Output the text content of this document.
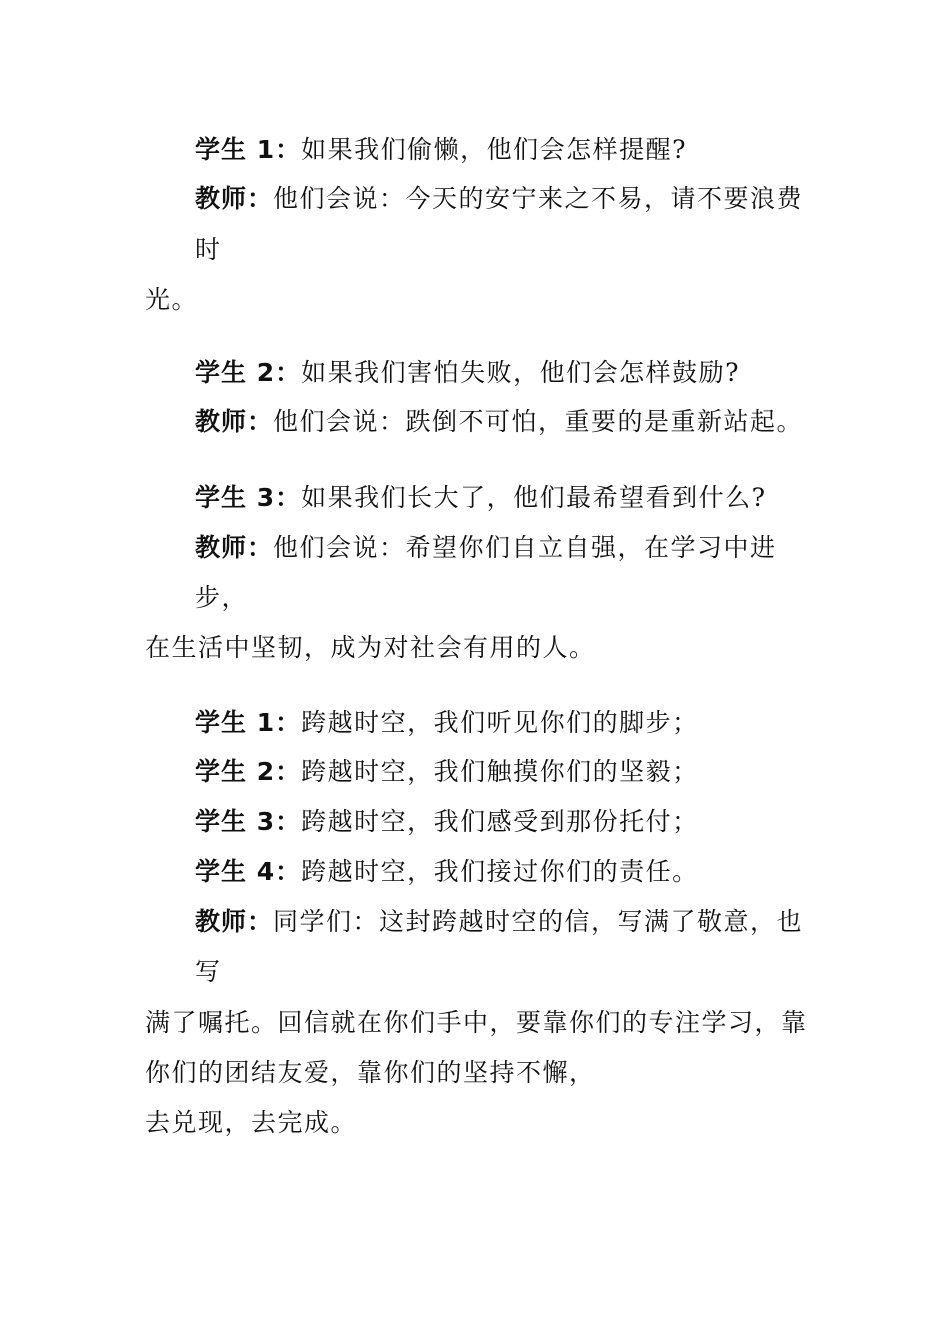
学生 1：如果我们偷懒，他们会怎样提醒?
教师：他们会说：今天的安宁来之不易，请不要浪费
时
光。
学生 2：如果我们害怕失败，他们会怎样鼓励?
教师：他们会说：跌倒不可怕，重要的是重新站起。
学生 3：如果我们长大了，他们最希望看到什么?
教师：他们会说：希望你们自立自强，在学习中进
步，
在生活中坚韧，成为对社会有用的人。
学生 1：跨越时空，我们听见你们的脚步；
学生 2：跨越时空，我们触摸你们的坚毅；
学生 3：跨越时空，我们感受到那份托付；
学生 4：跨越时空，我们接过你们的责任。
教师：同学们：这封跨越时空的信，写满了敬意，也
写
满了嘱托。回信就在你们手中，要靠你们的专注学习，靠
你们的团结友爱，靠你们的坚持不懈，
去兑现，去完成。
